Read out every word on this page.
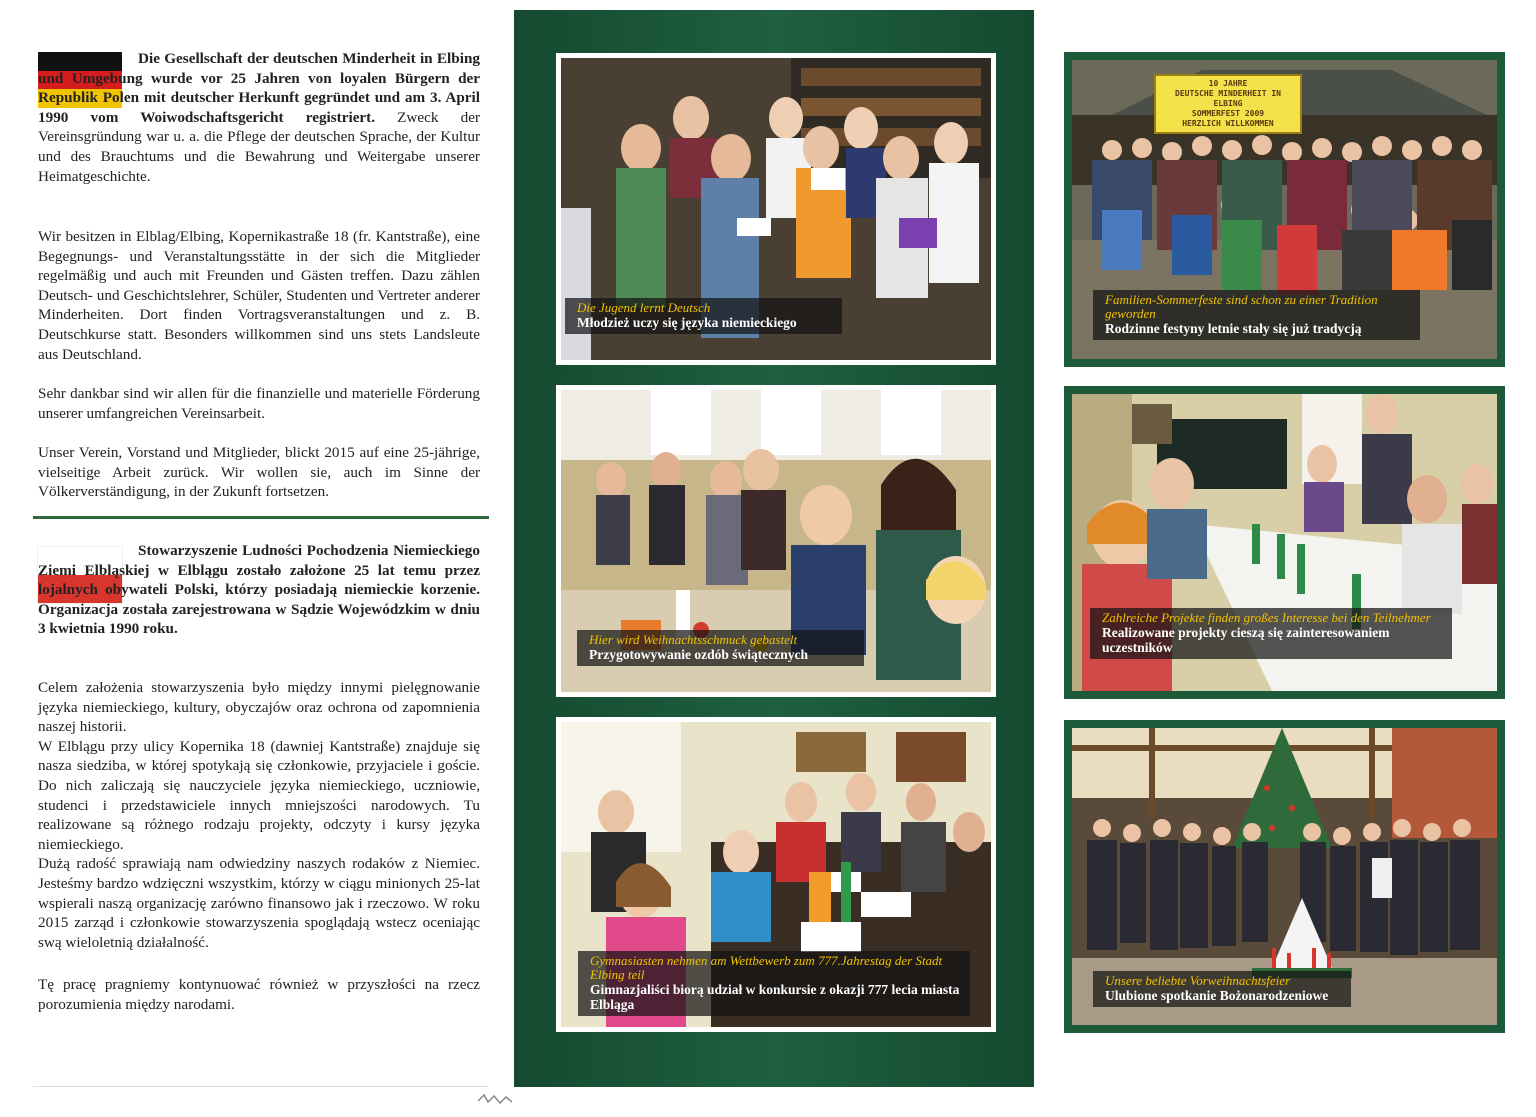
Die Gesellschaft der deutschen Minderheit in Elbing und Umgebung wurde vor 25 Jahren von loyalen Bürgern der Republik Polen mit deutscher Herkunft gegründet und am 3. April 1990 vom Woiwodschaftsgericht registriert. Zweck der Vereinsgründung war u. a. die Pflege der deutschen Sprache, der Kultur und des Brauchtums und die Bewahrung und Weitergabe unserer Heimatgeschichte.

Wir besitzen in Elblag/Elbing, Kopernikastraße 18 (fr. Kantstraße), eine Begegnungs- und Veranstaltungsstätte in der sich die Mitglieder regelmäßig und auch mit Freunden und Gästen treffen. Dazu zählen Deutsch- und Geschichtslehrer, Schüler, Studenten und Vertreter anderer Minderheiten. Dort finden Vortragsveranstaltungen und z. B. Deutschkurse statt. Besonders willkommen sind uns stets Landsleute aus Deutschland.

Sehr dankbar sind wir allen für die finanzielle und materielle Förderung unserer umfangreichen Vereinsarbeit.

Unser Verein, Vorstand und Mitglieder, blickt 2015 auf eine 25-jährige, vielseitige Arbeit zurück. Wir wollen sie, auch im Sinne der Völkerverständigung, in der Zukunft fortsetzen.

Stowarzyszenie Ludności Pochodzenia Niemieckiego Ziemi Elbląskiej w Elblągu zostało założone 25 lat temu przez lojalnych obywateli Polski, którzy posiadają niemieckie korzenie. Organizacja została zarejestrowana w Sądzie Wojewódzkim w dniu 3 kwietnia 1990 roku.

Celem założenia stowarzyszenia było między innymi pielęgnowanie języka niemieckiego, kultury, obyczajów oraz ochrona od zapomnienia naszej historii.
W Elblągu przy ulicy Kopernika 18 (dawniej Kantstraße) znajduje się nasza siedziba, w której spotykają się członkowie, przyjaciele i goście. Do nich zaliczają się nauczyciele języka niemieckiego, uczniowie, studenci i przedstawiciele innych mniejszości narodowych. Tu realizowane są różnego rodzaju projekty, odczyty i kursy języka niemieckiego.
Dużą radość sprawiają nam odwiedziny naszych rodaków z Niemiec. Jesteśmy bardzo wdzięczni wszystkim, którzy w ciągu minionych 25-lat wspierali naszą organizację zarówno finansowo jak i rzeczowo. W roku 2015 zarząd i członkowie stowarzyszenia spoglądają wstecz oceniając swą wieloletnią działalność.

Tę pracę pragniemy kontynuować również w przyszłości na rzecz porozumienia między narodami.

Die Jugend lernt Deutsch
Młodzież uczy się języka niemieckiego
Hier wird Weihnachtsschmuck gebastelt
Przygotowywanie ozdób świątecznych
Gymnasiasten nehmen am Wettbewerb zum 777.Jahrestag der Stadt Elbing teil
Gimnazjaliści biorą udział w konkursie z okazji 777 lecia miasta Elbląga
10 JAHRE
DEUTSCHE MINDERHEIT IN ELBING
SOMMERFEST 2009
HERZLICH WILLKOMMEN
Familien-Sommerfeste sind schon zu einer Tradition geworden
Rodzinne festyny letnie stały się już tradycją
Zahlreiche Projekte finden großes Interesse bei den Teilnehmer
Realizowane projekty cieszą się zainteresowaniem uczestników
Unsere beliebte Vorweihnachtsfeier
Ulubione spotkanie Bożonarodzeniowe
